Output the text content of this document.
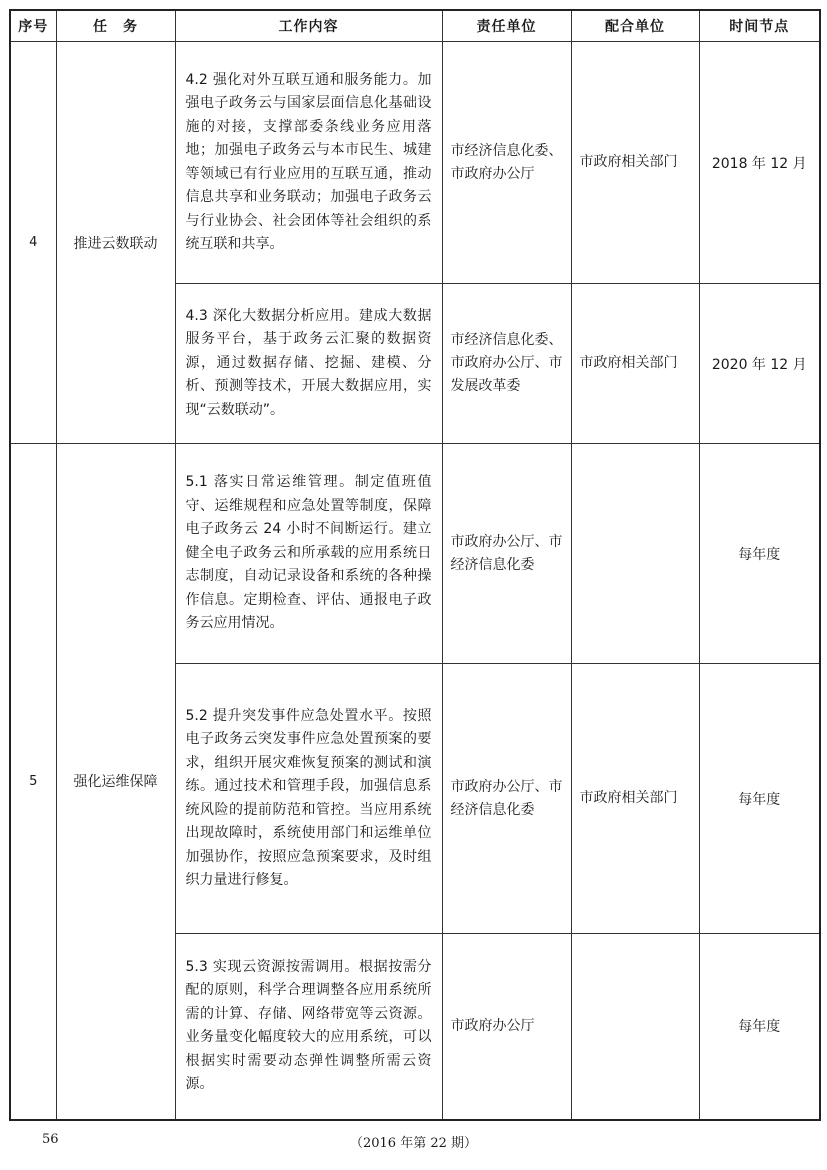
序号	任　务	工作内容	责任单位	配合单位	时间节点
4	推进云数联动	4.2 强化对外互联互通和服务能力。加强电子政务云与国家层面信息化基础设施的对接，支撑部委条线业务应用落地；加强电子政务云与本市民生、城建等领域已有行业应用的互联互通，推动信息共享和业务联动；加强电子政务云与行业协会、社会团体等社会组织的系统互联和共享。	市经济信息化委、市政府办公厅	市政府相关部门	2018 年 12 月
		4.3 深化大数据分析应用。建成大数据服务平台，基于政务云汇聚的数据资源，通过数据存储、挖掘、建模、分析、预测等技术，开展大数据应用，实现“云数联动”。	市经济信息化委、市政府办公厅、市发展改革委	市政府相关部门	2020 年 12 月
5	强化运维保障	5.1 落实日常运维管理。制定值班值守、运维规程和应急处置等制度，保障电子政务云 24 小时不间断运行。建立健全电子政务云和所承载的应用系统日志制度，自动记录设备和系统的各种操作信息。定期检查、评估、通报电子政务云应用情况。	市政府办公厅、市经济信息化委		每年度
		5.2 提升突发事件应急处置水平。按照电子政务云突发事件应急处置预案的要求，组织开展灾难恢复预案的测试和演练。通过技术和管理手段，加强信息系统风险的提前防范和管控。当应用系统出现故障时，系统使用部门和运维单位加强协作，按照应急预案要求，及时组织力量进行修复。	市政府办公厅、市经济信息化委	市政府相关部门	每年度
		5.3 实现云资源按需调用。根据按需分配的原则，科学合理调整各应用系统所需的计算、存储、网络带宽等云资源。业务量变化幅度较大的应用系统，可以根据实时需要动态弹性调整所需云资源。	市政府办公厅		每年度
56	（2016 年第 22 期）
